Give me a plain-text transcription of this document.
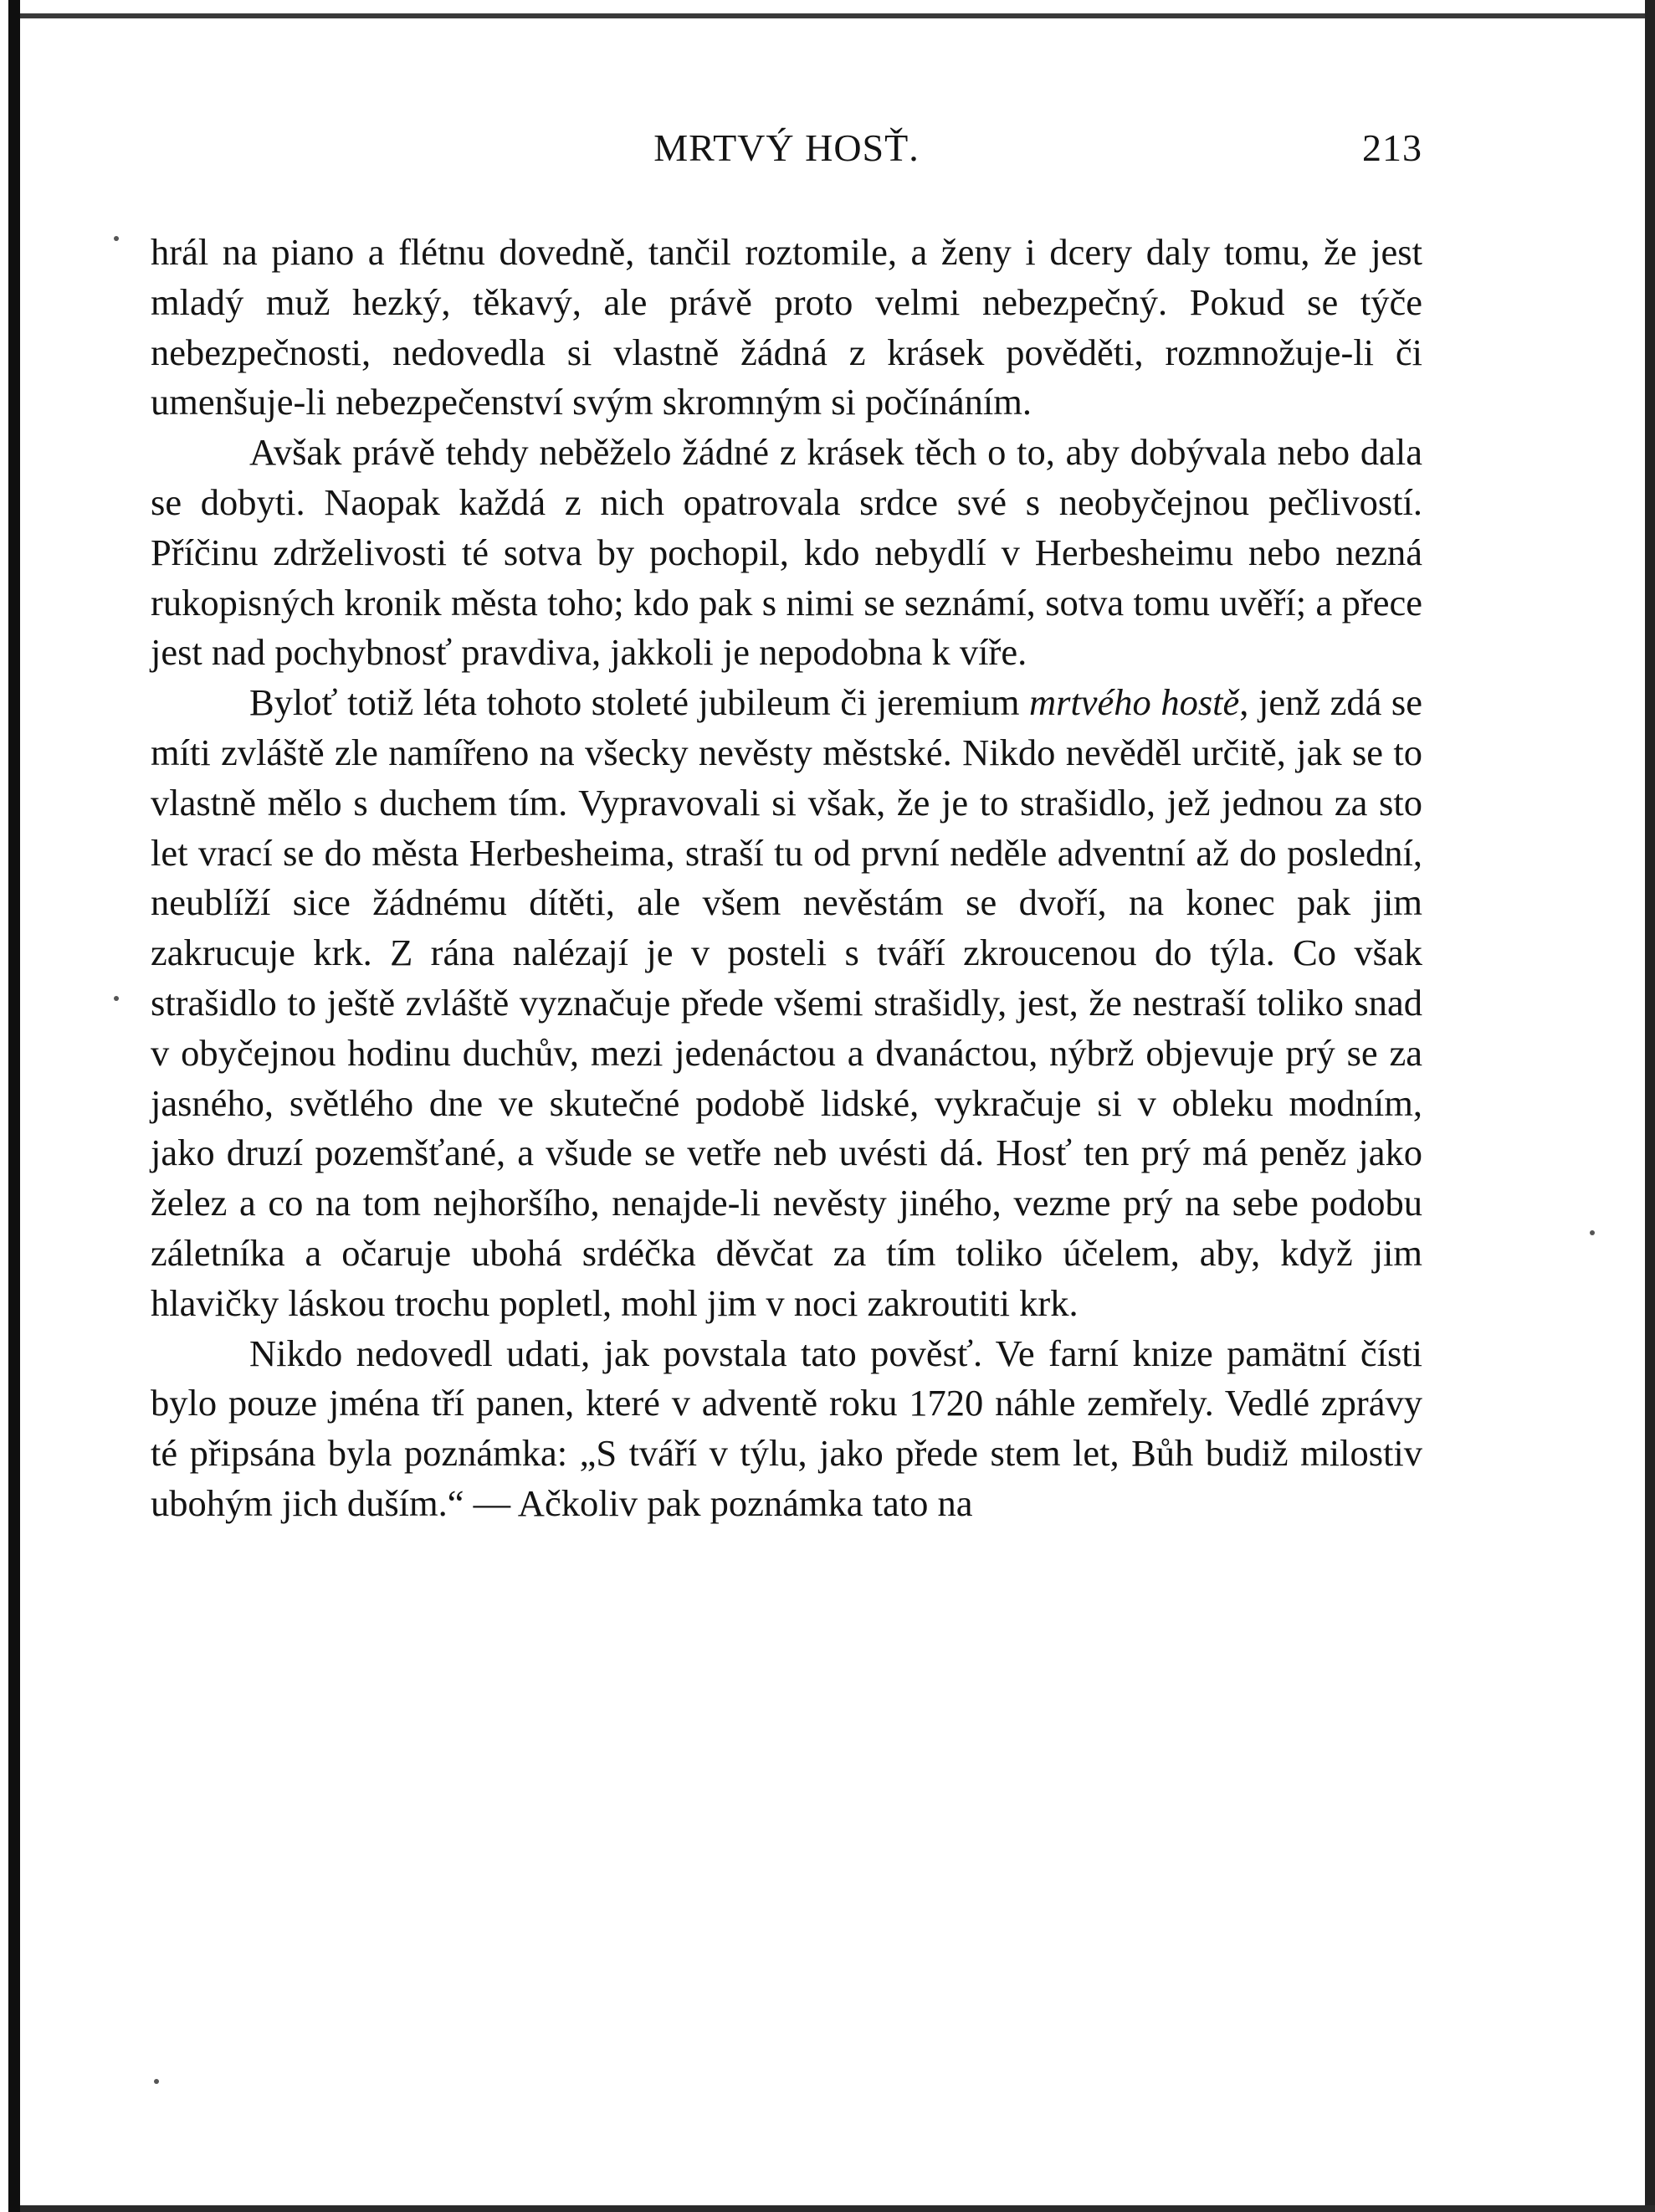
MRTVÝ HOSŤ.	213

hrál na piano a flétnu dovedně, tančil roztomile, a ženy i dcery daly tomu, že jest mladý muž hezký, těkavý, ale právě proto velmi nebezpečný. Pokud se týče nebezpečnosti, nedovedla si vlastně žádná z krásek pověděti, rozmnožuje-li či umenšuje-li nebezpečenství svým skromným si počínáním.

Avšak právě tehdy neběželo žádné z krásek těch o to, aby dobývala nebo dala se dobyti. Naopak každá z nich opatrovala srdce své s neobyčejnou pečlivostí. Příčinu zdrželivosti té sotva by pochopil, kdo nebydlí v Herbesheimu nebo nezná rukopisných kronik města toho; kdo pak s nimi se seznámí, sotva tomu uvěří; a přece jest nad pochybnosť pravdiva, jakkoli je nepodobna k víře.

Byloť totiž léta tohoto stoleté jubileum či jeremium mrtvého hostě, jenž zdá se míti zvláště zle namířeno na všecky nevěsty městské. Nikdo nevěděl určitě, jak se to vlastně mělo s duchem tím. Vypravovali si však, že je to strašidlo, jež jednou za sto let vrací se do města Herbesheima, straší tu od první neděle adventní až do poslední, neublíží sice žádnému dítěti, ale všem nevěstám se dvoří, na konec pak jim zakrucuje krk. Z rána nalézají je v posteli s tváří zkroucenou do týla. Co však strašidlo to ještě zvláště vyznačuje přede všemi strašidly, jest, že nestraší toliko snad v obyčejnou hodinu duchův, mezi jedenáctou a dvanáctou, nýbrž objevuje prý se za jasného, světlého dne ve skutečné podobě lidské, vykračuje si v obleku modním, jako druzí pozemšťané, a všude se vetře neb uvésti dá. Hosť ten prý má peněz jako želez a co na tom nejhoršího, nenajde-li nevěsty jiného, vezme prý na sebe podobu záletníka a očaruje ubohá srdéčka děvčat za tím toliko účelem, aby, když jim hlavičky láskou trochu popletl, mohl jim v noci zakroutiti krk.

Nikdo nedovedl udati, jak povstala tato pověsť. Ve farní knize pamätní čísti bylo pouze jména tří panen, které v adventě roku 1720 náhle zemřely. Vedlé zprávy té připsána byla poznámka: „S tváří v týlu, jako přede stem let, Bůh budiž milostiv ubohým jich duším.“ — Ačkoliv pak poznámka tato na
